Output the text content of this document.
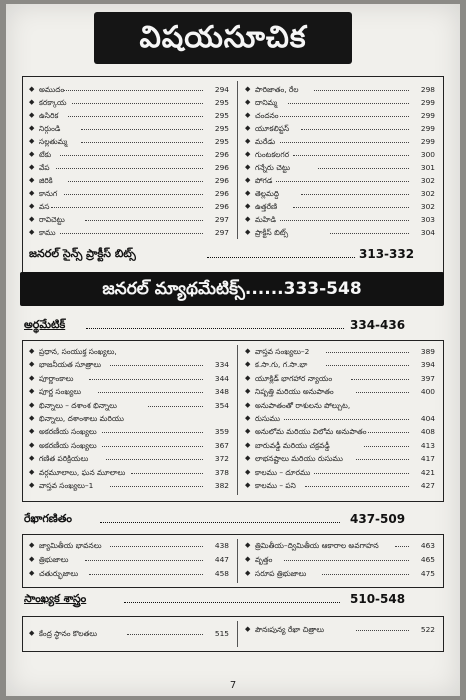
విషయసూచిక
◆ అముదం	294
◆ కరక్కాయ	295
◆ ఉసిరిక	295
◆ నిర్గుండి	295
◆ సల్లతుమ్మ	295
◆ టేకు	296
◆ వేప	296
◆ జిరికి	296
◆ కానుగ	296
◆ వస	296
◆ రావిచెట్టు	297
◆ కాము	297
◆ పారిజాతం, రేల	298
◆ దానిమ్మ	299
◆ చందనం	299
◆ యూకలిప్టస్	299
◆ మరేడు	299
◆ గుంటకలగర	300
◆ గన్నేరు చెట్టు	301
◆ పోగడ	302
◆ తెల్లమద్ది	302
◆ ఉత్తరేణి	302
◆ మహిడి	303
◆ ప్రాక్టీస్ బిట్స్	304
జనరల్ సైన్స్ ప్రాక్టీస్ బిట్స్	313-332
జనరల్ మ్యాథమేటిక్స్......333-548
అర్థమేటిక్	334-436
◆ ప్రధాన, సంయుక్త సంఖ్యలు,
◆ భాజనీయత సూత్రాలు	334
◆ పూర్ణాంకాలు	344
◆ పూర్ణ సంఖ్యలు	348
◆ భిన్నాలు – దశాంశ భిన్నాలు	354
◆ భిన్నాలు, దశాంశాలు మరియు
◆ అకరణీయ సంఖ్యలు	359
◆ అకరణీయ సంఖ్యలు	367
◆ గణిత పరిక్రియలు	372
◆ వర్గమూలాలు, ఘన మూలాలు	378
◆ వాస్తవ సంఖ్యలు–1	382
◆ వాస్తవ సంఖ్యలు–2	389
◆ క.సా.గు, గ.సా.భా	394
◆ యూక్లిడ్ భాగహార న్యాయం	397
◆ నిష్పత్తి మరియు అనుపాతం	400
◆ అనుపాతంతో రాశులను పోల్చుట,
◆ రుసుము	404
◆ అనులోమ మరియు విలోమ అనుపాతం	408
◆ బారువడ్డీ మరియు చక్రవడ్డీ	413
◆ లాభనష్టాలు మరియు రుసుము	417
◆ కాలము – దూరము	421
◆ కాలము – పని	427
రేఖాగణితం	437-509
◆ జ్యామితీయ భావనలు	438
◆ త్రిభుజాలు	447
◆ చతుర్భుజాలు	458
◆ త్రిమితీయ–ద్విమితీయ ఆకారాల అవగాహన	463
◆ వృత్తం	465
◆ సరూప త్రిభుజాలు	475
సాంఖ్యక శాస్త్రం	510-548
◆ కేంద్ర స్థానం కొలతలు	515 ◆ పౌనఃపున్య రేఖా చిత్రాలు	522
7
